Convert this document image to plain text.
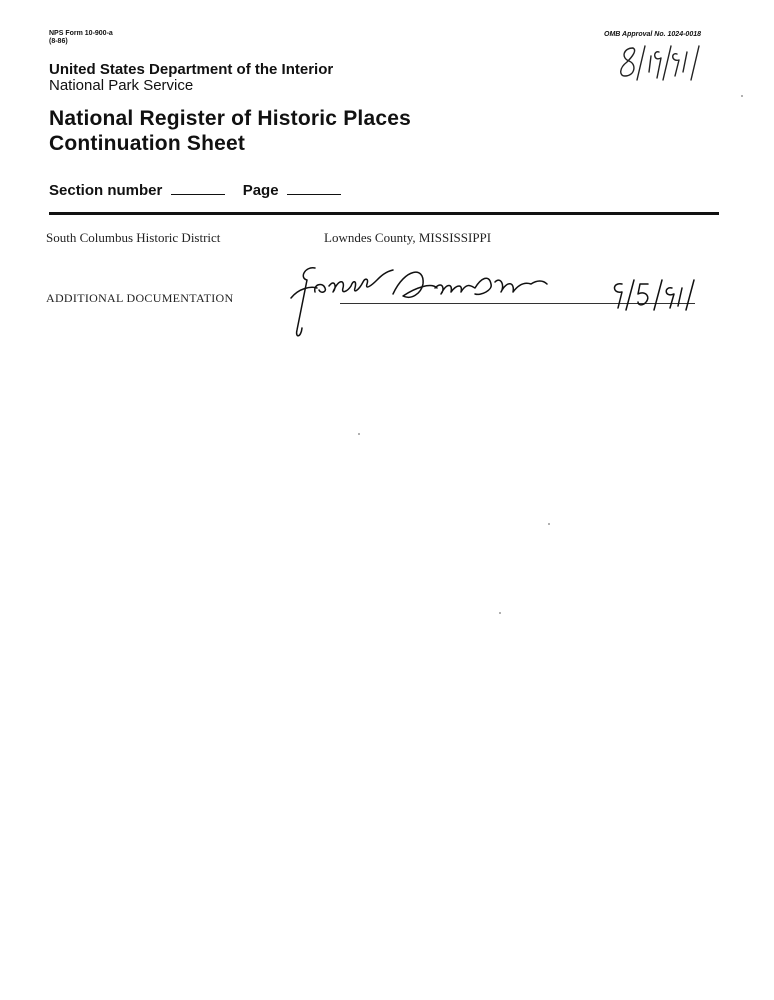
NPS Form 10-900-a
(8-86)
OMB Approval No. 1024-0018
United States Department of the Interior
National Park Service
National Register of Historic Places
Continuation Sheet
Section number	Page
South Columbus Historic District	Lowndes County, MISSISSIPPI
ADDITIONAL DOCUMENTATION
